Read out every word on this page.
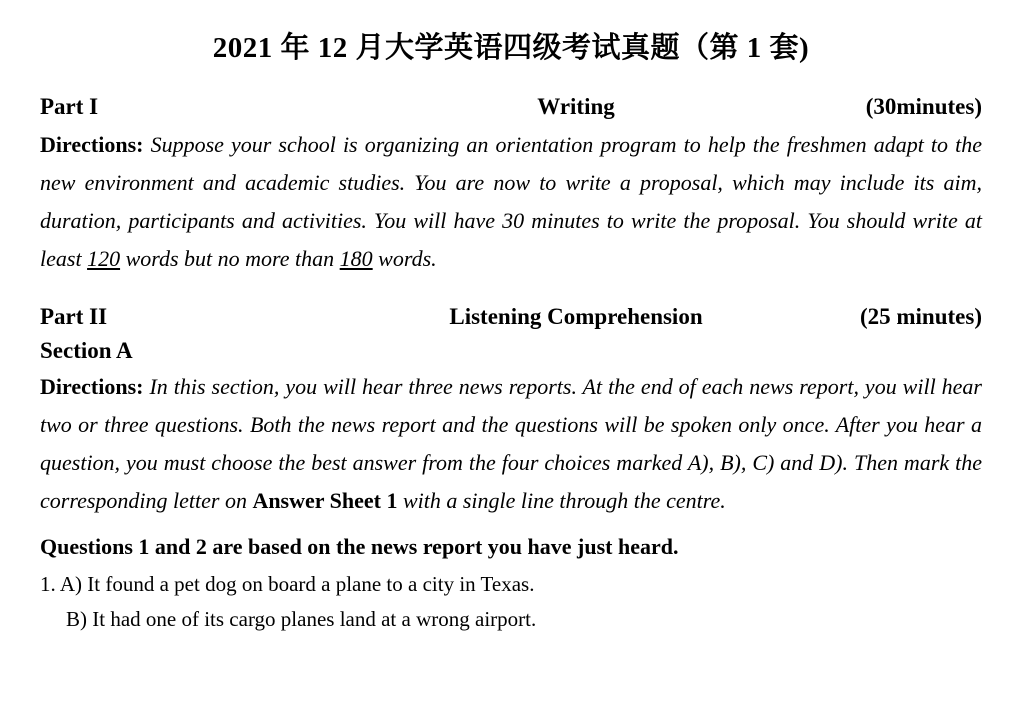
2021 年 12 月大学英语四级考试真题（第 1 套)
Part I	Writing	(30minutes)

Directions: Suppose your school is organizing an orientation program to help the freshmen adapt to the new environment and academic studies. You are now to write a proposal, which may include its aim, duration, participants and activities. You will have 30 minutes to write the proposal. You should write at least 120 words but no more than 180 words.

Part II	Listening Comprehension	(25 minutes)
Section A

Directions: In this section, you will hear three news reports. At the end of each news report, you will hear two or three questions. Both the news report and the questions will be spoken only once. After you hear a question, you must choose the best answer from the four choices marked A), B), C) and D). Then mark the corresponding letter on Answer Sheet 1 with a single line through the centre.

Questions 1 and 2 are based on the news report you have just heard.
1. A) It found a pet dog on board a plane to a city in Texas.
B) It had one of its cargo planes land at a wrong airport.
